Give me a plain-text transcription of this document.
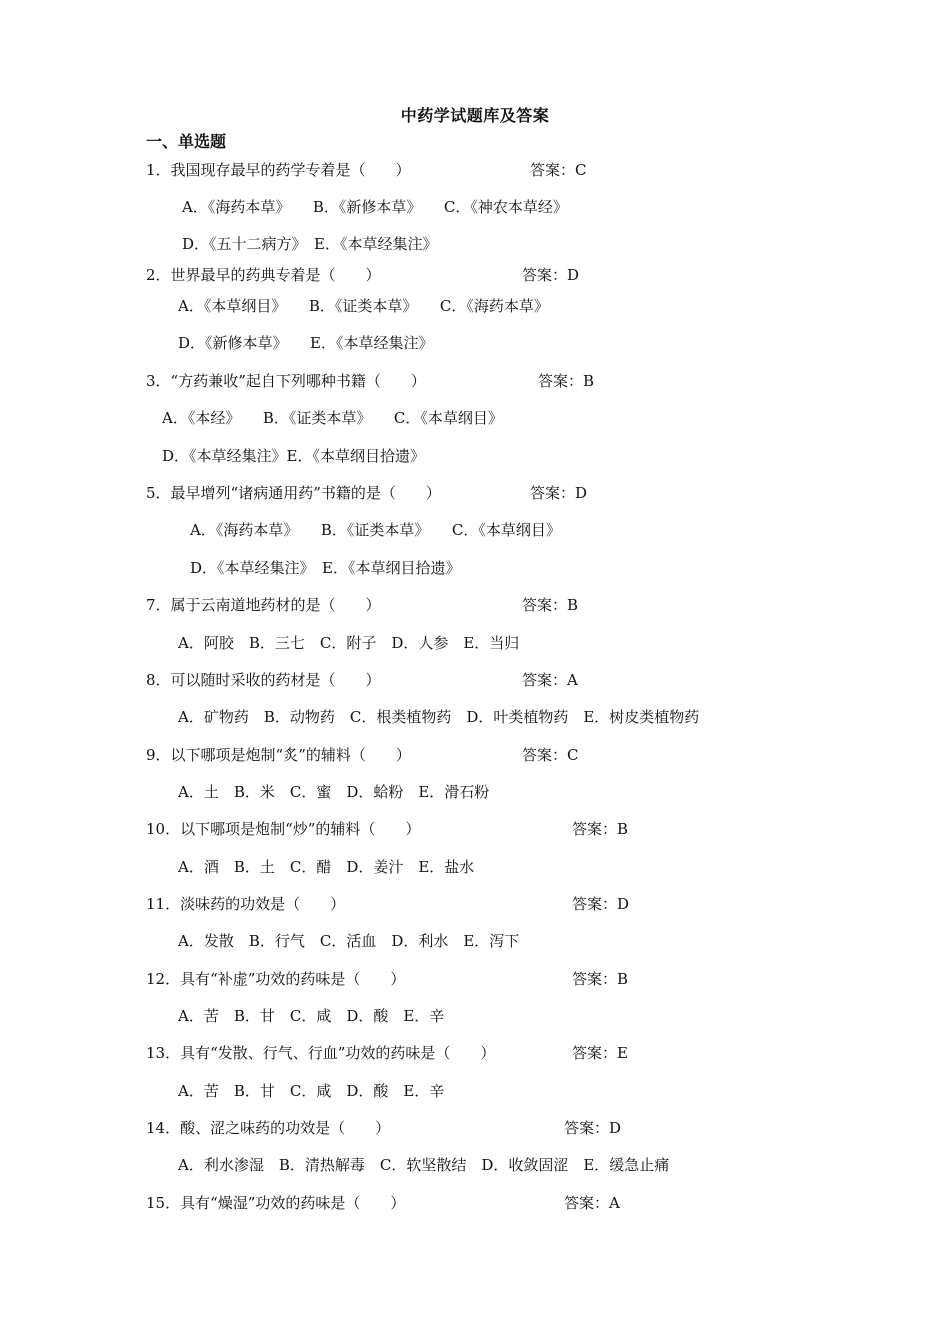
中药学试题库及答案
一、单选题
1．我国现存最早的药学专着是（　　）	答案：C
A．《海药本草》　　B．《新修本草》　　C．《神农本草经》
D．《五十二病方》　E．《本草经集注》
2．世界最早的药典专着是（　　）	答案：D
A．《本草纲目》　　B．《证类本草》　　C．《海药本草》
D．《新修本草》　　E．《本草经集注》
3．“方药兼收”起自下列哪种书籍（　　）	答案：B
A．《本经》　　B．《证类本草》　　C．《本草纲目》
D．《本草经集注》E．《本草纲目拾遗》
5．最早增列“诸病通用药”书籍的是（　　）	答案：D
A．《海药本草》　　B．《证类本草》　　C．《本草纲目》
D．《本草经集注》　E．《本草纲目拾遗》
7．属于云南道地药材的是（　　）	答案：B
A．阿胶　B．三七　C．附子　D．人参　E．当归
8．可以随时采收的药材是（　　）	答案：A
A．矿物药　B．动物药　C．根类植物药　D．叶类植物药　E．树皮类植物药
9．以下哪项是炮制“炙”的辅料（　　）	答案：C
A．土　B．米　C．蜜　D．蛤粉　E．滑石粉
10．以下哪项是炮制“炒”的辅料（　　）	答案：B
A．酒　B．土　C．醋　D．姜汁　E．盐水
11．淡味药的功效是（　　）	答案：D
A．发散　B．行气　C．活血　D．利水　E．泻下
12．具有“补虚”功效的药味是（　　）	答案：B
A．苦　B．甘　C．咸　D．酸　E．辛
13．具有“发散、行气、行血”功效的药味是（　　）	答案：E
A．苦　B．甘　C．咸　D．酸　E．辛
14．酸、涩之味药的功效是（　　）	答案：D
A．利水渗湿　B．清热解毒　C．软坚散结　D．收敛固涩　E．缓急止痛
15．具有“燥湿”功效的药味是（　　）	答案：A
